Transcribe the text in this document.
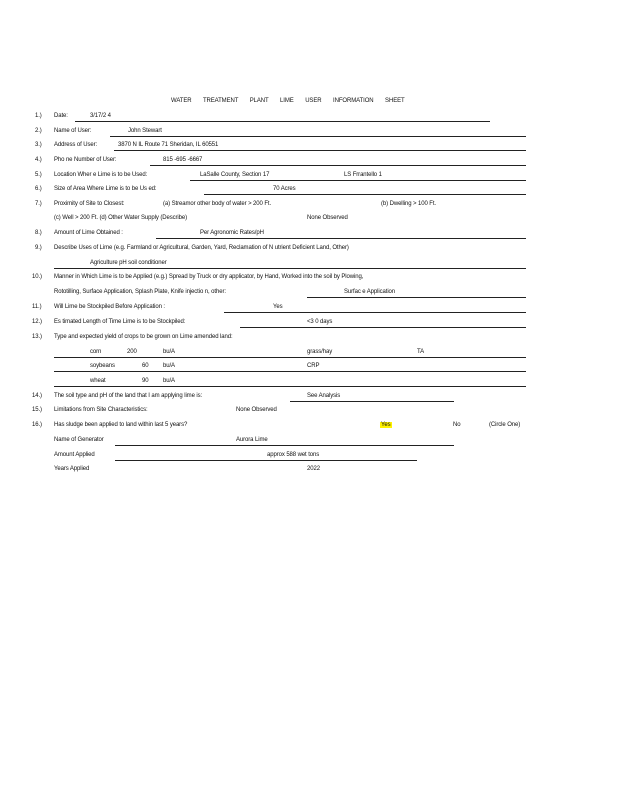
WATER TREATMENT PLANT LIME USER INFORMATION SHEET
1.) Date:	3/17/2 4
2.) Name of User:	John Stewart
3.) Address of User:	3870 N IL Route 71 Sheridan, IL 60551
4.) Pho ne Number of User:	815 -695 -6667
5.) Location Wher e Lime is to be Used:	LaSalle County, Section 17	LS Frrantello 1
6.) Size of Area Where Lime is to be Us ed:	70 Acres
7.) Proximity of Site to Closest:	(a) Streamor other body of water > 200 Ft.	(b) Dwelling > 100 Ft.
(c) Well > 200 Ft. (d) Other Water Supply (Describe)	None Observed
8.) Amount of Lime Obtained :	Per Agronomic Rates/pH
9.) Describe Uses of Lime (e.g. Farmland or Agricultural, Garden, Yard, Reclamation of N utrient Deficient Land, Other)
Agriculture pH soil conditioner
10.) Manner in Which Lime is to be Applied (e.g.) Spread by Truck or dry applicator, by Hand, Worked into the soil by Plowing,
Rototilling, Surface Application, Splash Plate, Knife injectio n, other:	Surfac e Application
11.) Will Lime be Stockpiled Before Application :	Yes
12.) Es timated Length of Time Lime is to be Stockpiled:	<3 0 days
13.) Type and expected yield of crops to be grown on Lime amended land:
corn	200	bu/A	grass/hay	TA
soybeans	60 bu/A	CRP
wheat	90 bu/A
14.) The soil type and pH of the land that I am applying lime is:	See Analysis
15.) Limitations from Site Characteristics:	None Observed
16.) Has sludge been applied to land within last 5 years?	Yes	No	(Circle One)
Name of Generator	Aurora Lime
Amount Applied	approx 588 wet tons
Years Applied	2022
